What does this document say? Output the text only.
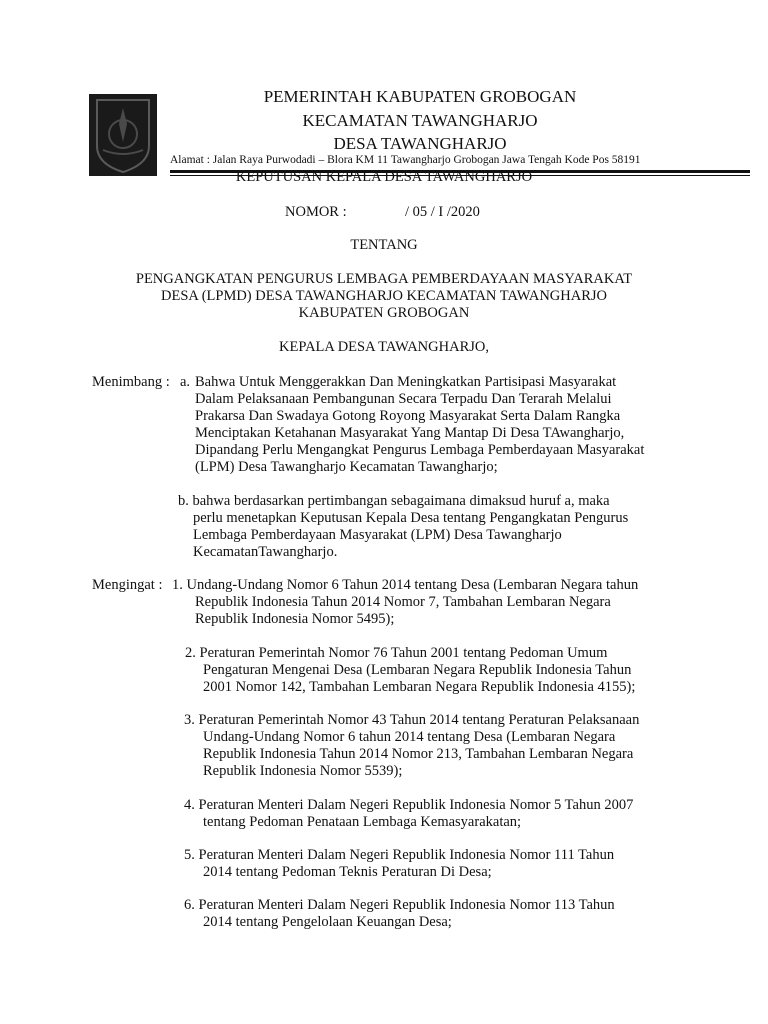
PEMERINTAH KABUPATEN GROBOGAN
KECAMATAN TAWANGHARJO
DESA TAWANGHARJO
Alamat : Jalan Raya Purwodadi – Blora KM 11 Tawangharjo Grobogan Jawa Tengah Kode Pos 58191
KEPUTUSAN KEPALA DESA TAWANGHARJO
NOMOR :	/ 05 / I /2020
TENTANG
PENGANGKATAN PENGURUS LEMBAGA PEMBERDAYAAN MASYARAKAT
DESA (LPMD) DESA TAWANGHARJO KECAMATAN TAWANGHARJO
KABUPATEN GROBOGAN
KEPALA DESA TAWANGHARJO,
Menimbang : a. Bahwa Untuk Menggerakkan Dan Meningkatkan Partisipasi Masyarakat
Dalam Pelaksanaan Pembangunan Secara Terpadu Dan Terarah Melalui
Prakarsa Dan Swadaya Gotong Royong Masyarakat Serta Dalam Rangka
Menciptakan Ketahanan Masyarakat Yang Mantap Di Desa TAwangharjo,
Dipandang Perlu Mengangkat Pengurus Lembaga Pemberdayaan Masyarakat
(LPM) Desa Tawangharjo Kecamatan Tawangharjo;
b. bahwa berdasarkan pertimbangan sebagaimana dimaksud huruf a, maka
perlu menetapkan Keputusan Kepala Desa tentang Pengangkatan Pengurus
Lembaga Pemberdayaan Masyarakat (LPM) Desa Tawangharjo
KecamatanTawangharjo.
Mengingat : 1. Undang-Undang Nomor 6 Tahun 2014 tentang Desa (Lembaran Negara tahun
Republik Indonesia Tahun 2014 Nomor 7, Tambahan Lembaran Negara
Republik Indonesia Nomor 5495);
2. Peraturan Pemerintah Nomor 76 Tahun 2001 tentang Pedoman Umum
Pengaturan Mengenai Desa (Lembaran Negara Republik Indonesia Tahun
2001 Nomor 142, Tambahan Lembaran Negara Republik Indonesia 4155);
3. Peraturan Pemerintah Nomor 43 Tahun 2014 tentang Peraturan Pelaksanaan
Undang-Undang Nomor 6 tahun 2014 tentang Desa (Lembaran Negara
Republik Indonesia Tahun 2014 Nomor 213, Tambahan Lembaran Negara
Republik Indonesia Nomor 5539);
4. Peraturan Menteri Dalam Negeri Republik Indonesia Nomor 5 Tahun 2007
tentang Pedoman Penataan Lembaga Kemasyarakatan;
5. Peraturan Menteri Dalam Negeri Republik Indonesia Nomor 111 Tahun
2014 tentang Pedoman Teknis Peraturan Di Desa;
6. Peraturan Menteri Dalam Negeri Republik Indonesia Nomor 113 Tahun
2014 tentang Pengelolaan Keuangan Desa;
